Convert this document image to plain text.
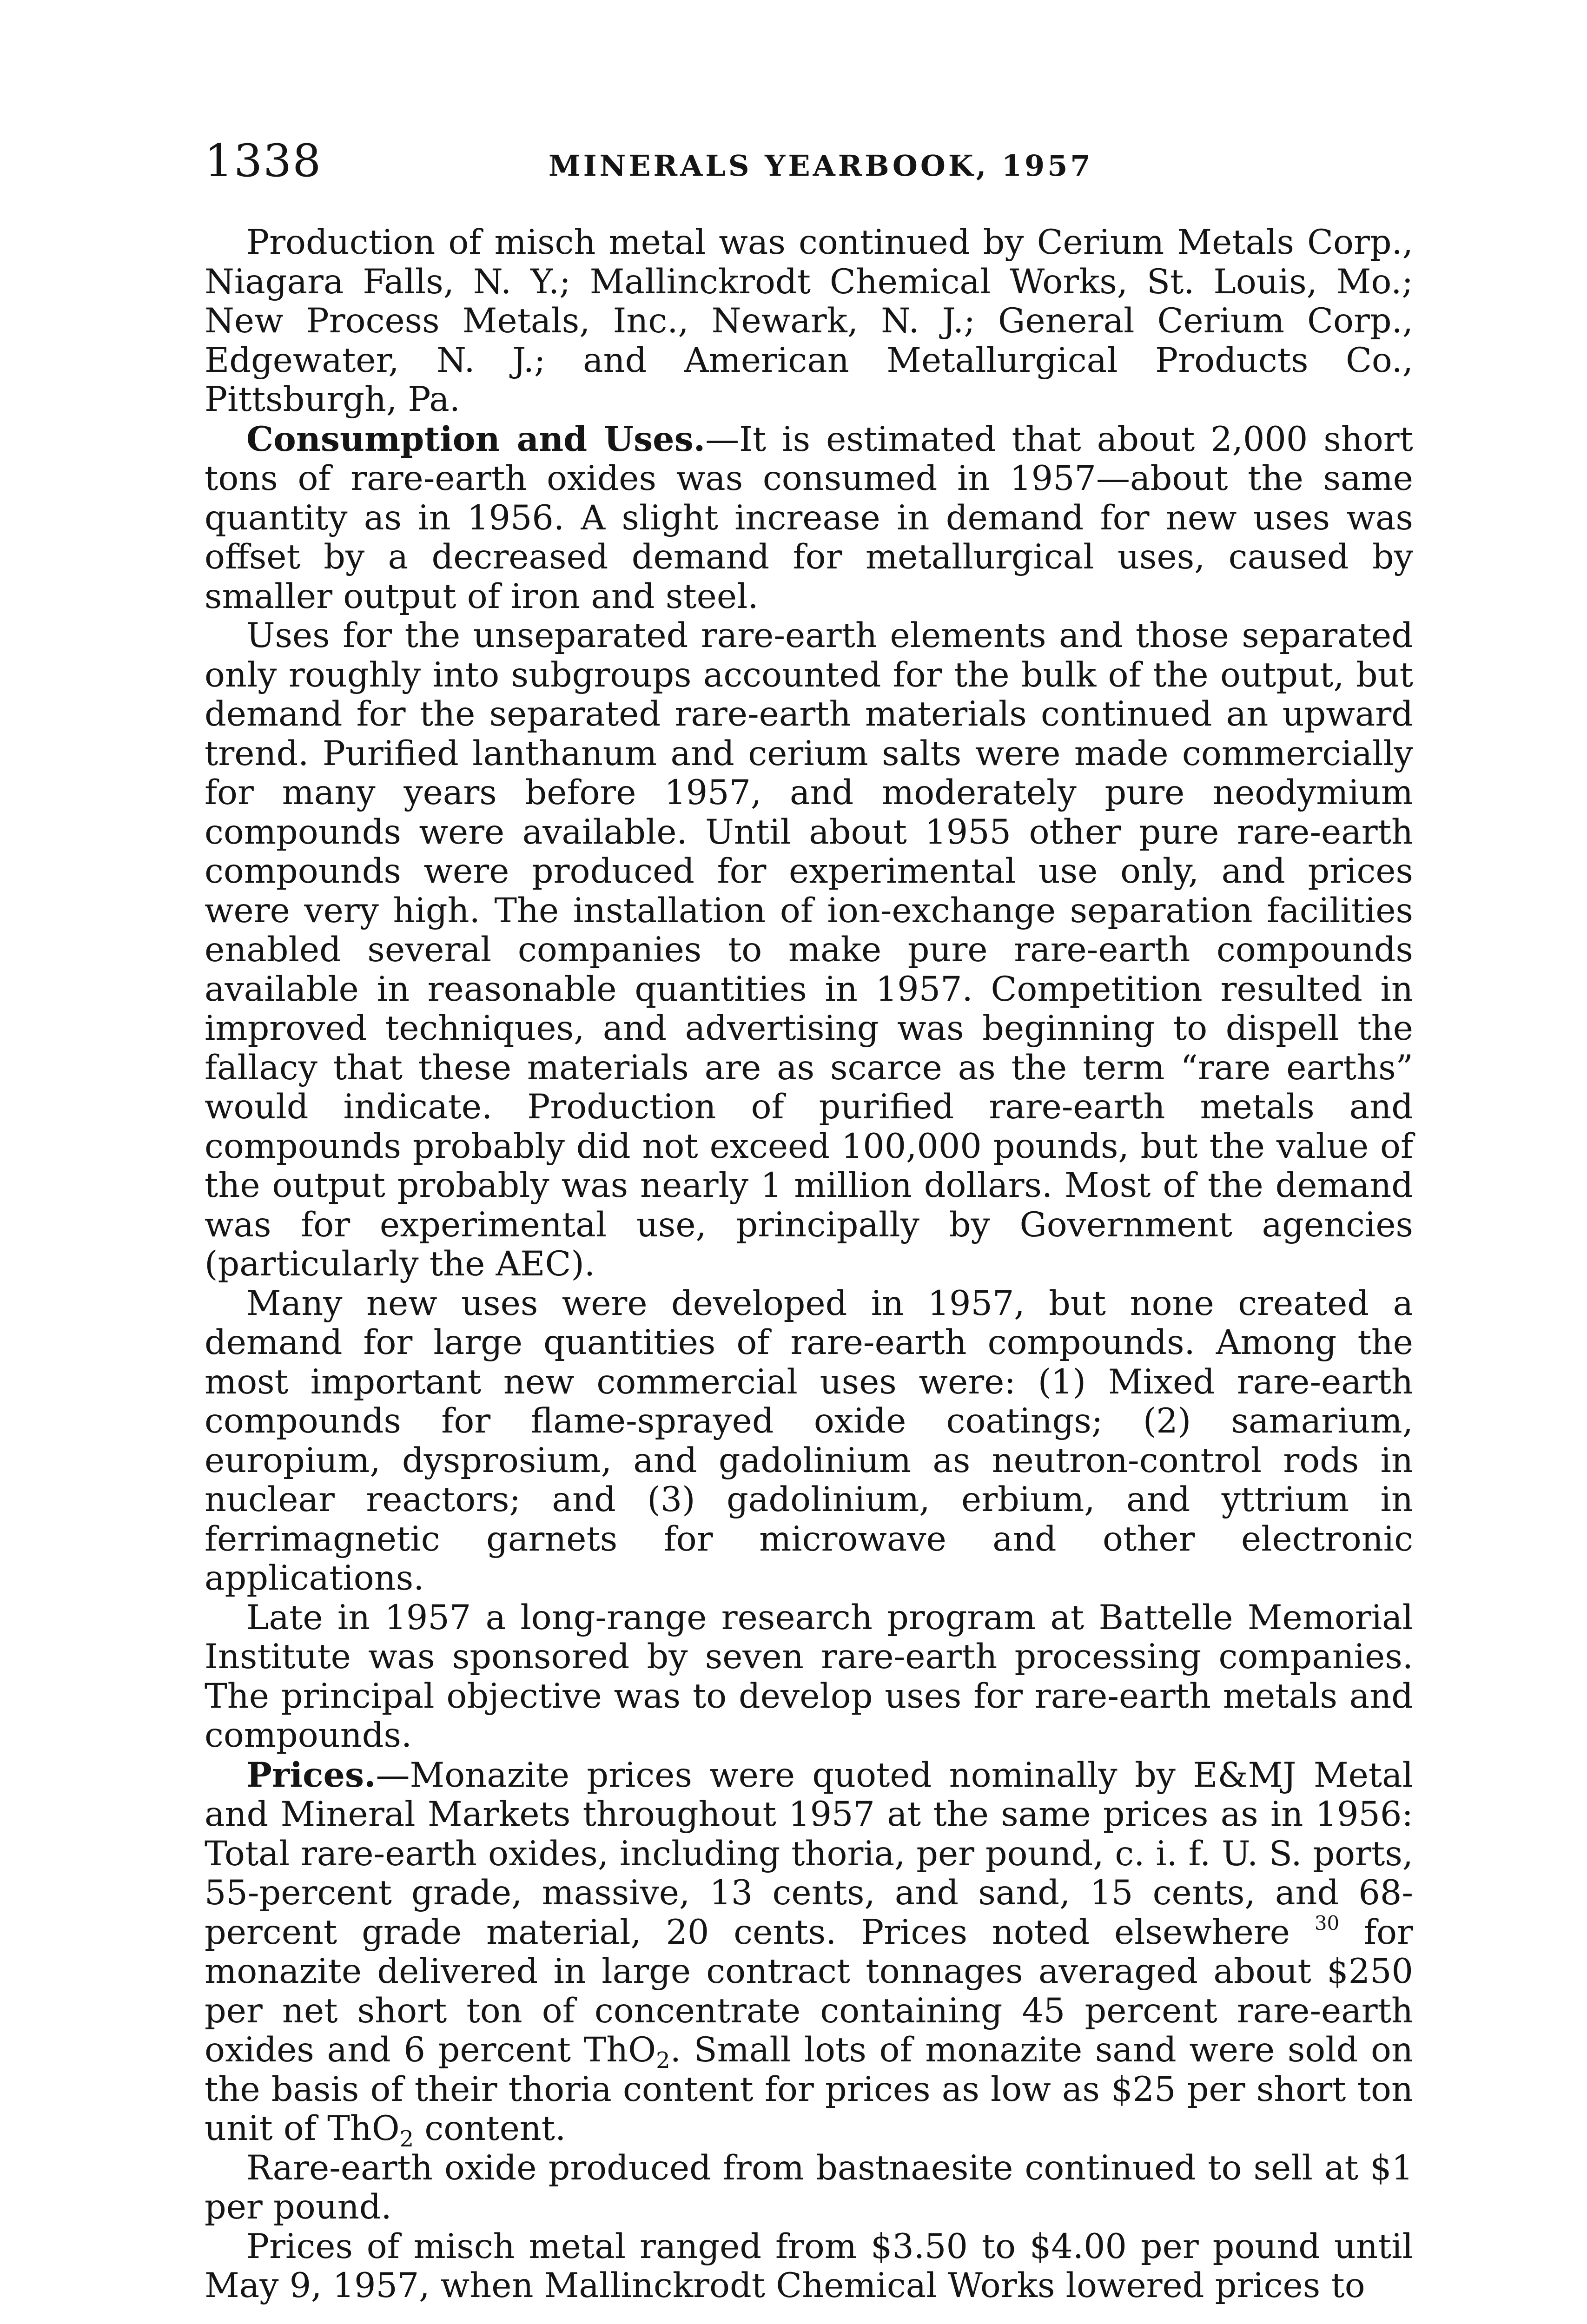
1338	MINERALS YEARBOOK, 1957

Production of misch metal was continued by Cerium Metals Corp., Niagara Falls, N. Y.; Mallinckrodt Chemical Works, St. Louis, Mo.; New Process Metals, Inc., Newark, N. J.; General Cerium Corp., Edgewater, N. J.; and American Metallurgical Products Co., Pittsburgh, Pa.

Consumption and Uses.—It is estimated that about 2,000 short tons of rare-earth oxides was consumed in 1957—about the same quantity as in 1956. A slight increase in demand for new uses was offset by a decreased demand for metallurgical uses, caused by smaller output of iron and steel.

Uses for the unseparated rare-earth elements and those separated only roughly into subgroups accounted for the bulk of the output, but demand for the separated rare-earth materials continued an upward trend. Purified lanthanum and cerium salts were made commercially for many years before 1957, and moderately pure neodymium compounds were available. Until about 1955 other pure rare-earth compounds were produced for experimental use only, and prices were very high. The installation of ion-exchange separation facilities enabled several companies to make pure rare-earth compounds available in reasonable quantities in 1957. Competition resulted in improved techniques, and advertising was beginning to dispell the fallacy that these materials are as scarce as the term “rare earths” would indicate. Production of purified rare-earth metals and compounds probably did not exceed 100,000 pounds, but the value of the output probably was nearly 1 million dollars. Most of the demand was for experimental use, principally by Government agencies (particularly the AEC).

Many new uses were developed in 1957, but none created a demand for large quantities of rare-earth compounds. Among the most important new commercial uses were: (1) Mixed rare-earth compounds for flame-sprayed oxide coatings; (2) samarium, europium, dysprosium, and gadolinium as neutron-control rods in nuclear reactors; and (3) gadolinium, erbium, and yttrium in ferrimagnetic garnets for microwave and other electronic applications.

Late in 1957 a long-range research program at Battelle Memorial Institute was sponsored by seven rare-earth processing companies. The principal objective was to develop uses for rare-earth metals and compounds.

Prices.—Monazite prices were quoted nominally by E&MJ Metal and Mineral Markets throughout 1957 at the same prices as in 1956: Total rare-earth oxides, including thoria, per pound, c. i. f. U. S. ports, 55-percent grade, massive, 13 cents, and sand, 15 cents, and 68-percent grade material, 20 cents. Prices noted elsewhere $^{30}$ for monazite delivered in large contract tonnages averaged about $250 per net short ton of concentrate containing 45 percent rare-earth oxides and 6 percent ThO$_2$. Small lots of monazite sand were sold on the basis of their thoria content for prices as low as $25 per short ton unit of ThO$_2$ content.

Rare-earth oxide produced from bastnaesite continued to sell at $1 per pound.

Prices of misch metal ranged from $3.50 to $4.00 per pound until May 9, 1957, when Mallinckrodt Chemical Works lowered prices to
